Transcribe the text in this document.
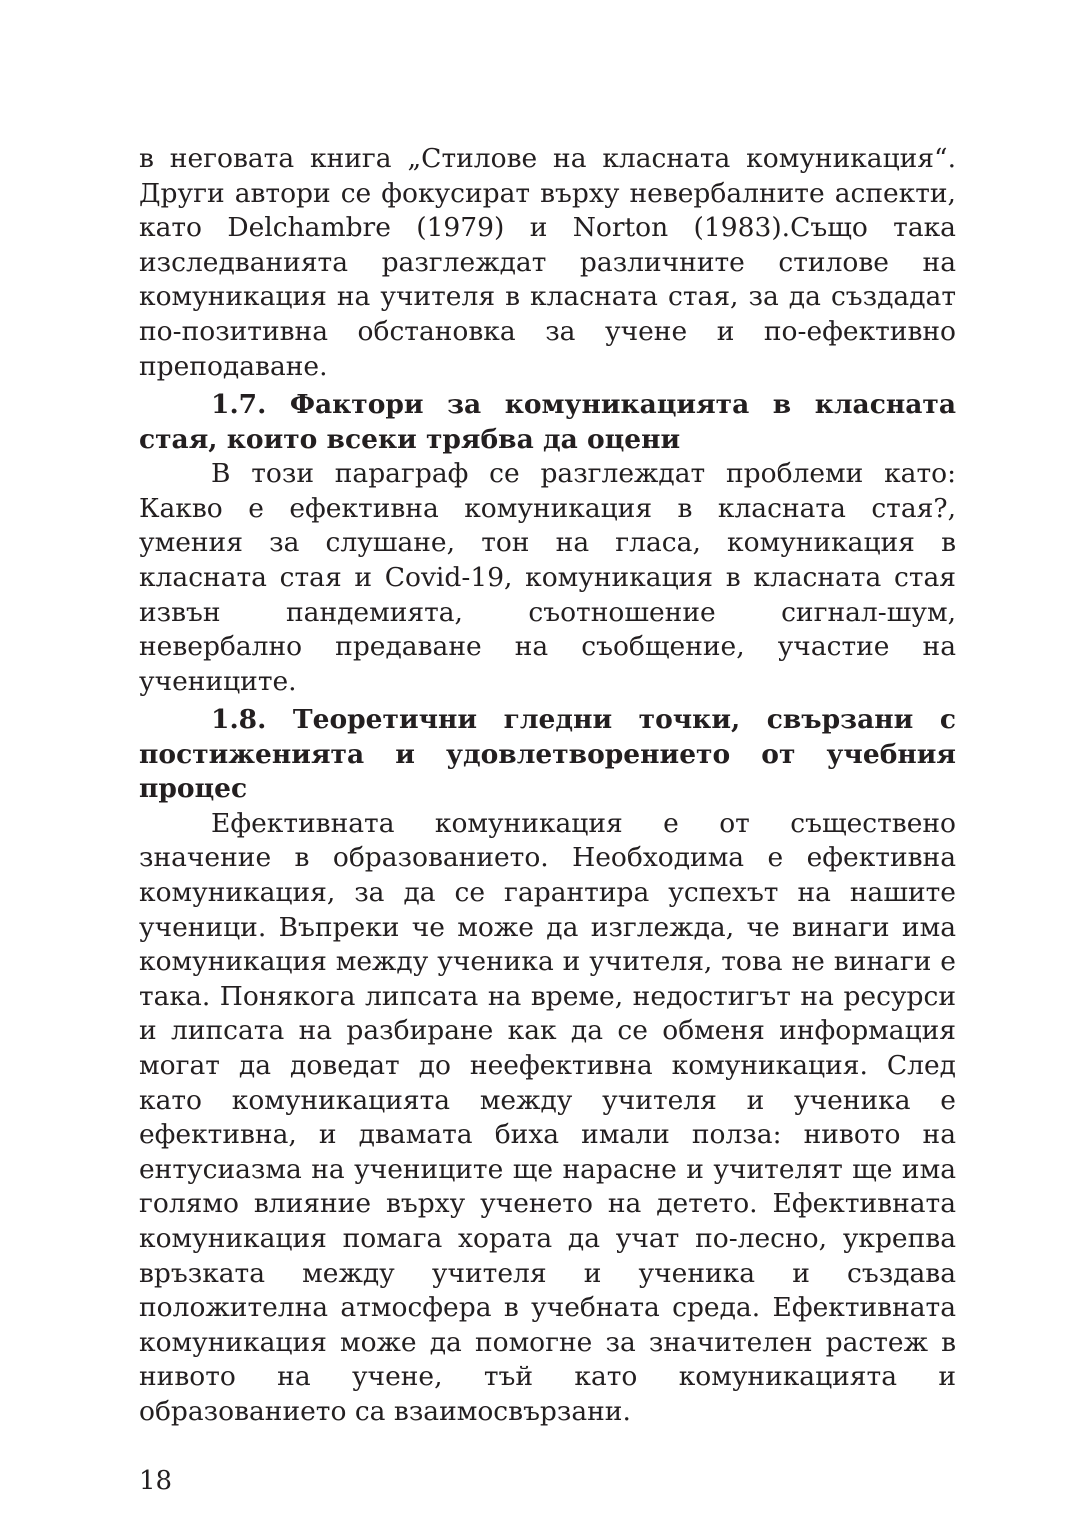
в неговата книга „Стилове на класната комуникация“. Други автори се фокусират върху невербалните аспекти, като Delchambre (1979) и Norton (1983).Също така изследванията разглеждат различните стилове на комуникация на учителя в класната стая, за да създадат по-позитивна обстановка за учене и по-ефективно преподаване.

1.7. Фактори за комуникацията в класната стая, които всеки трябва да оцени

В този параграф се разглеждат проблеми като: Какво е ефективна комуникация в класната стая?, умения за слушане, тон на гласа, комуникация в класната стая и Covid-19, комуникация в класната стая извън пандемията, съотношение сигнал-шум, невербално предаване на съобщение, участие на учениците.

1.8. Теоретични гледни точки, свързани с постиженията и удовлетворението от учебния процес

Ефективната комуникация е от съществено значение в образованието. Необходима е ефективна комуникация, за да се гарантира успехът на нашите ученици. Въпреки че може да изглежда, че винаги има комуникация между ученика и учителя, това не винаги е така. Понякога липсата на време, недостигът на ресурси и липсата на разбиране как да се обменя информация могат да доведат до неефективна комуникация. След като комуникацията между учителя и ученика е ефективна, и двамата биха имали полза: нивото на ентусиазма на учениците ще нарасне и учителят ще има голямо влияние върху ученето на детето. Ефективната комуникация помага хората да учат по-лесно, укрепва връзката между учителя и ученика и създава положителна атмосфера в учебната среда. Ефективната комуникация може да помогне за значителен растеж в нивото на учене, тъй като комуникацията и образованието са взаимосвързани.

18
